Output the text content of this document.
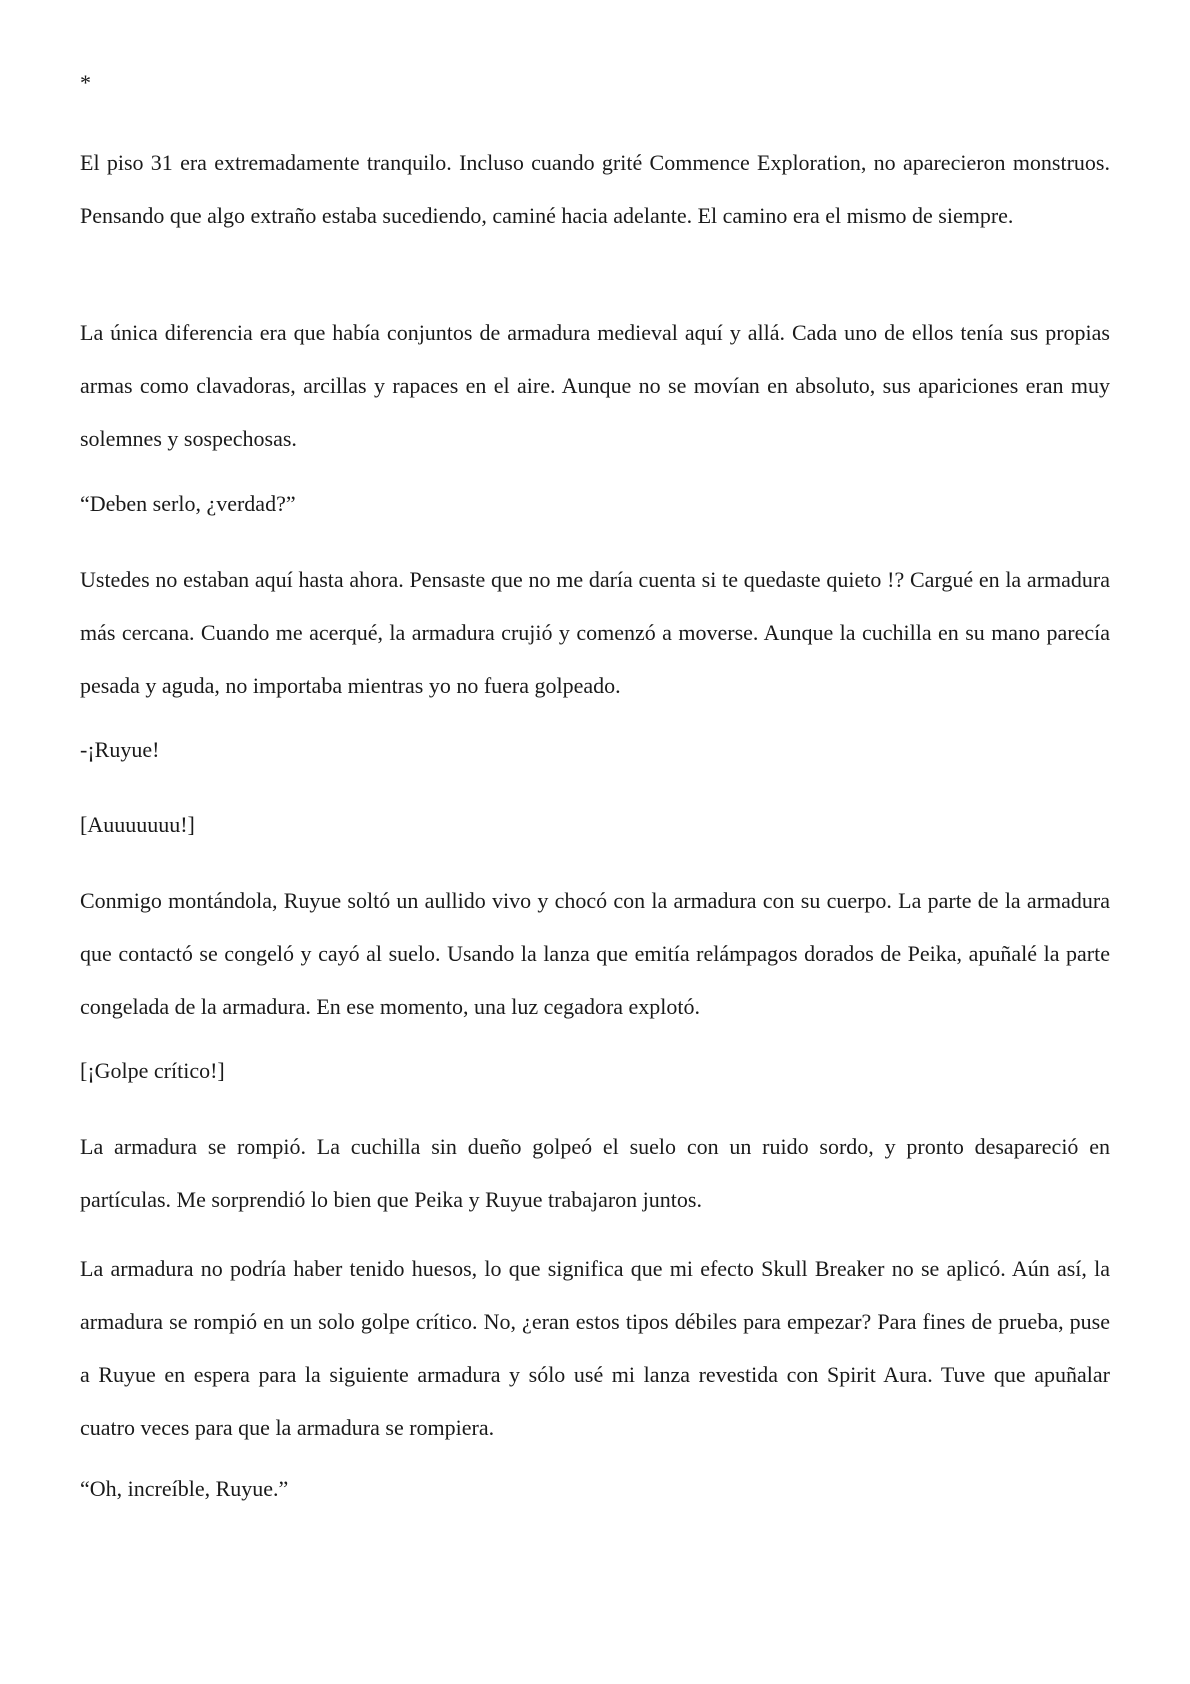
*

El piso 31 era extremadamente tranquilo. Incluso cuando grité Commence Exploration, no aparecieron monstruos. Pensando que algo extraño estaba sucediendo, caminé hacia adelante. El camino era el mismo de siempre.

La única diferencia era que había conjuntos de armadura medieval aquí y allá. Cada uno de ellos tenía sus propias armas como clavadoras, arcillas y rapaces en el aire. Aunque no se movían en absoluto, sus apariciones eran muy solemnes y sospechosas.

“Deben serlo, ¿verdad?”

Ustedes no estaban aquí hasta ahora. Pensaste que no me daría cuenta si te quedaste quieto !? Cargué en la armadura más cercana. Cuando me acerqué, la armadura crujió y comenzó a moverse. Aunque la cuchilla en su mano parecía pesada y aguda, no importaba mientras yo no fuera golpeado.

-¡Ruyue!

[Auuuuuuu!]

Conmigo montándola, Ruyue soltó un aullido vivo y chocó con la armadura con su cuerpo. La parte de la armadura que contactó se congeló y cayó al suelo. Usando la lanza que emitía relámpagos dorados de Peika, apuñalé la parte congelada de la armadura. En ese momento, una luz cegadora explotó.

[¡Golpe crítico!]

La armadura se rompió. La cuchilla sin dueño golpeó el suelo con un ruido sordo, y pronto desapareció en partículas. Me sorprendió lo bien que Peika y Ruyue trabajaron juntos.

La armadura no podría haber tenido huesos, lo que significa que mi efecto Skull Breaker no se aplicó. Aún así, la armadura se rompió en un solo golpe crítico. No, ¿eran estos tipos débiles para empezar? Para fines de prueba, puse a Ruyue en espera para la siguiente armadura y sólo usé mi lanza revestida con Spirit Aura. Tuve que apuñalar cuatro veces para que la armadura se rompiera.

“Oh, increíble, Ruyue.”
